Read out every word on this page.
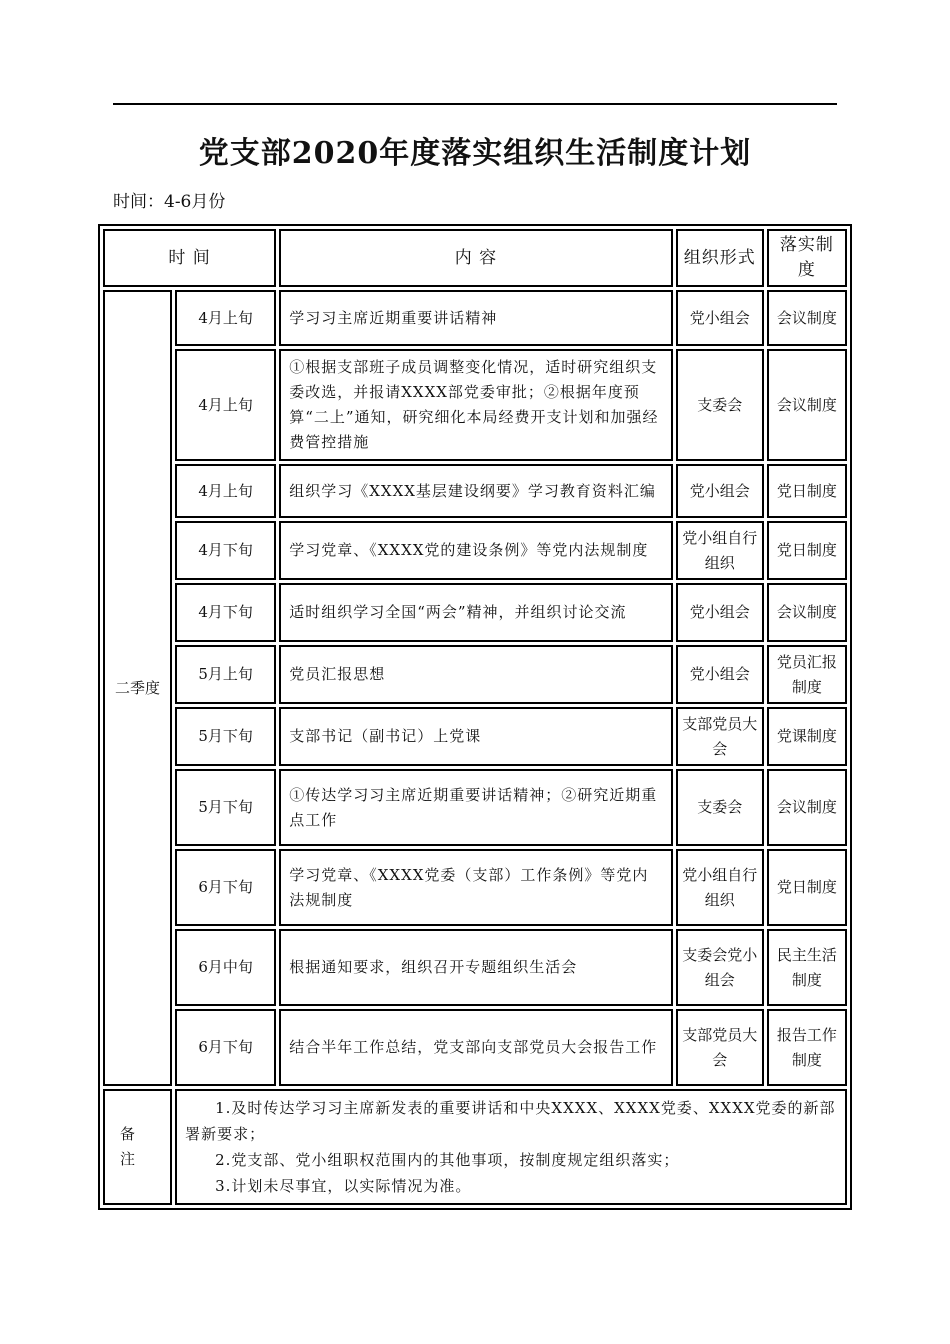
党支部2020年度落实组织生活制度计划
时间：4-6月份
时 间		内 容	组织形式	落实制度
二季度	4月上旬	学习习主席近期重要讲话精神	党小组会	会议制度
	4月上旬	①根据支部班子成员调整变化情况，适时研究组织支委改选，并报请XXXX部党委审批；②根据年度预算“二上”通知，研究细化本局经费开支计划和加强经费管控措施	支委会	会议制度
	4月上旬	组织学习《XXXX基层建设纲要》学习教育资料汇编	党小组会	党日制度
	4月下旬	学习党章、《XXXX党的建设条例》等党内法规制度	党小组自行组织	党日制度
	4月下旬	适时组织学习全国“两会”精神，并组织讨论交流	党小组会	会议制度
	5月上旬	党员汇报思想	党小组会	党员汇报制度
	5月下旬	支部书记（副书记）上党课	支部党员大会	党课制度
	5月下旬	①传达学习习主席近期重要讲话精神；②研究近期重点工作	支委会	会议制度
	6月下旬	学习党章、《XXXX党委（支部）工作条例》等党内法规制度	党小组自行组织	党日制度
	6月中旬	根据通知要求，组织召开专题组织生活会	支委会党小组会	民主生活制度
	6月下旬	结合半年工作总结，党支部向支部党员大会报告工作	支部党员大会	报告工作制度
备 注	1.及时传达学习习主席新发表的重要讲话和中央XXXX、XXXX党委、XXXX党委的新部署新要求；
2.党支部、党小组职权范围内的其他事项，按制度规定组织落实；
3.计划未尽事宜，以实际情况为准。			
